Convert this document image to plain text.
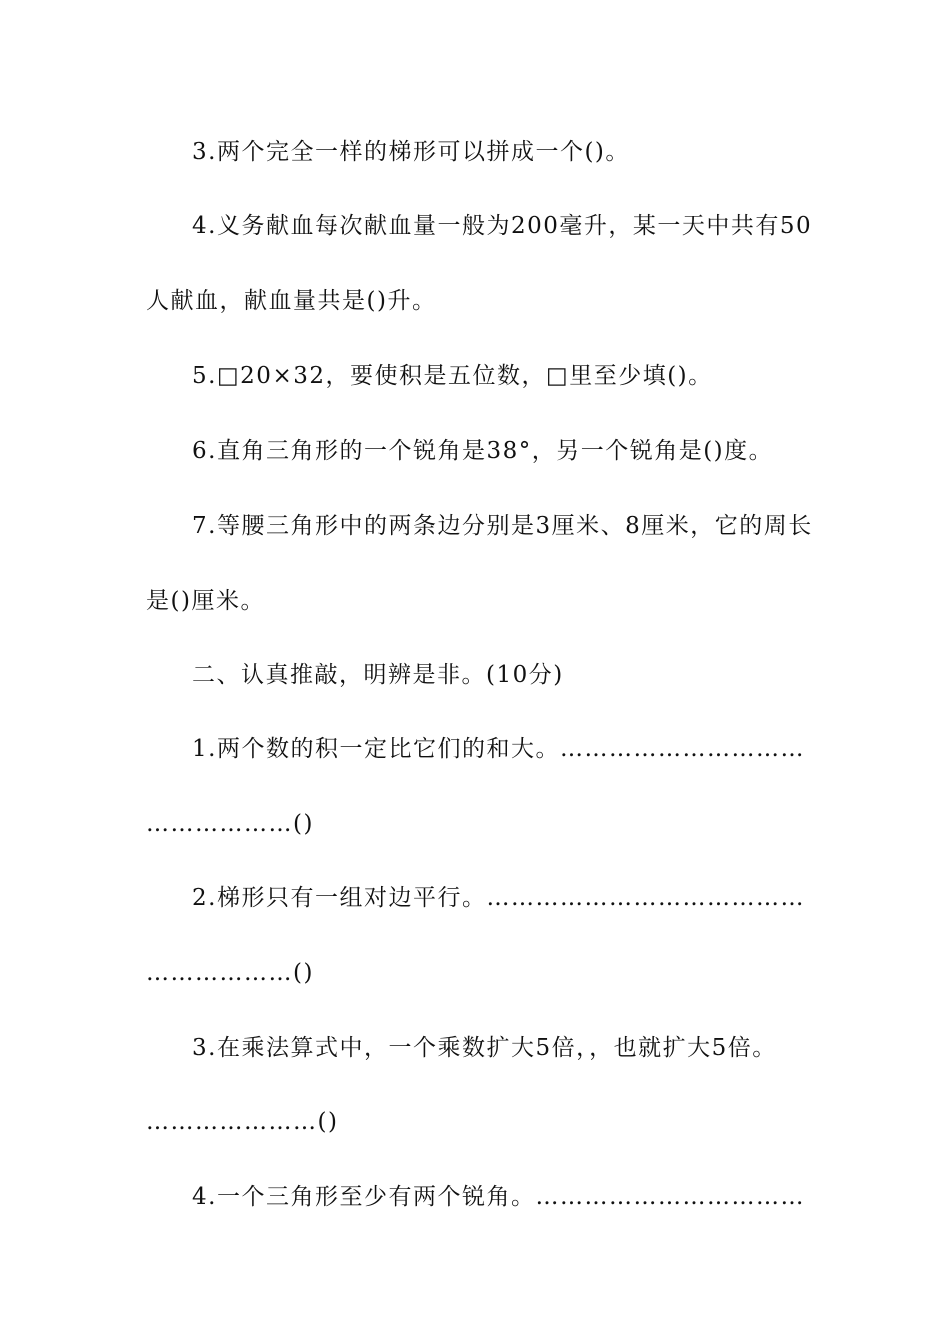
3.两个完全一样的梯形可以拼成一个()。
4.义务献血每次献血量一般为200毫升，某一天中共有50
人献血，献血量共是()升。
5.□20×32，要使积是五位数，□里至少填()。
6.直角三角形的一个锐角是38°，另一个锐角是()度。
7.等腰三角形中的两条边分别是3厘米、8厘米，它的周长
是()厘米。
二、认真推敲，明辨是非。(10分)
1.两个数的积一定比它们的和大。…………………………
………………()
2.梯形只有一组对边平行。…………………………………
………………()
3.在乘法算式中，一个乘数扩大5倍，，也就扩大5倍。
…………………()
4.一个三角形至少有两个锐角。……………………………
